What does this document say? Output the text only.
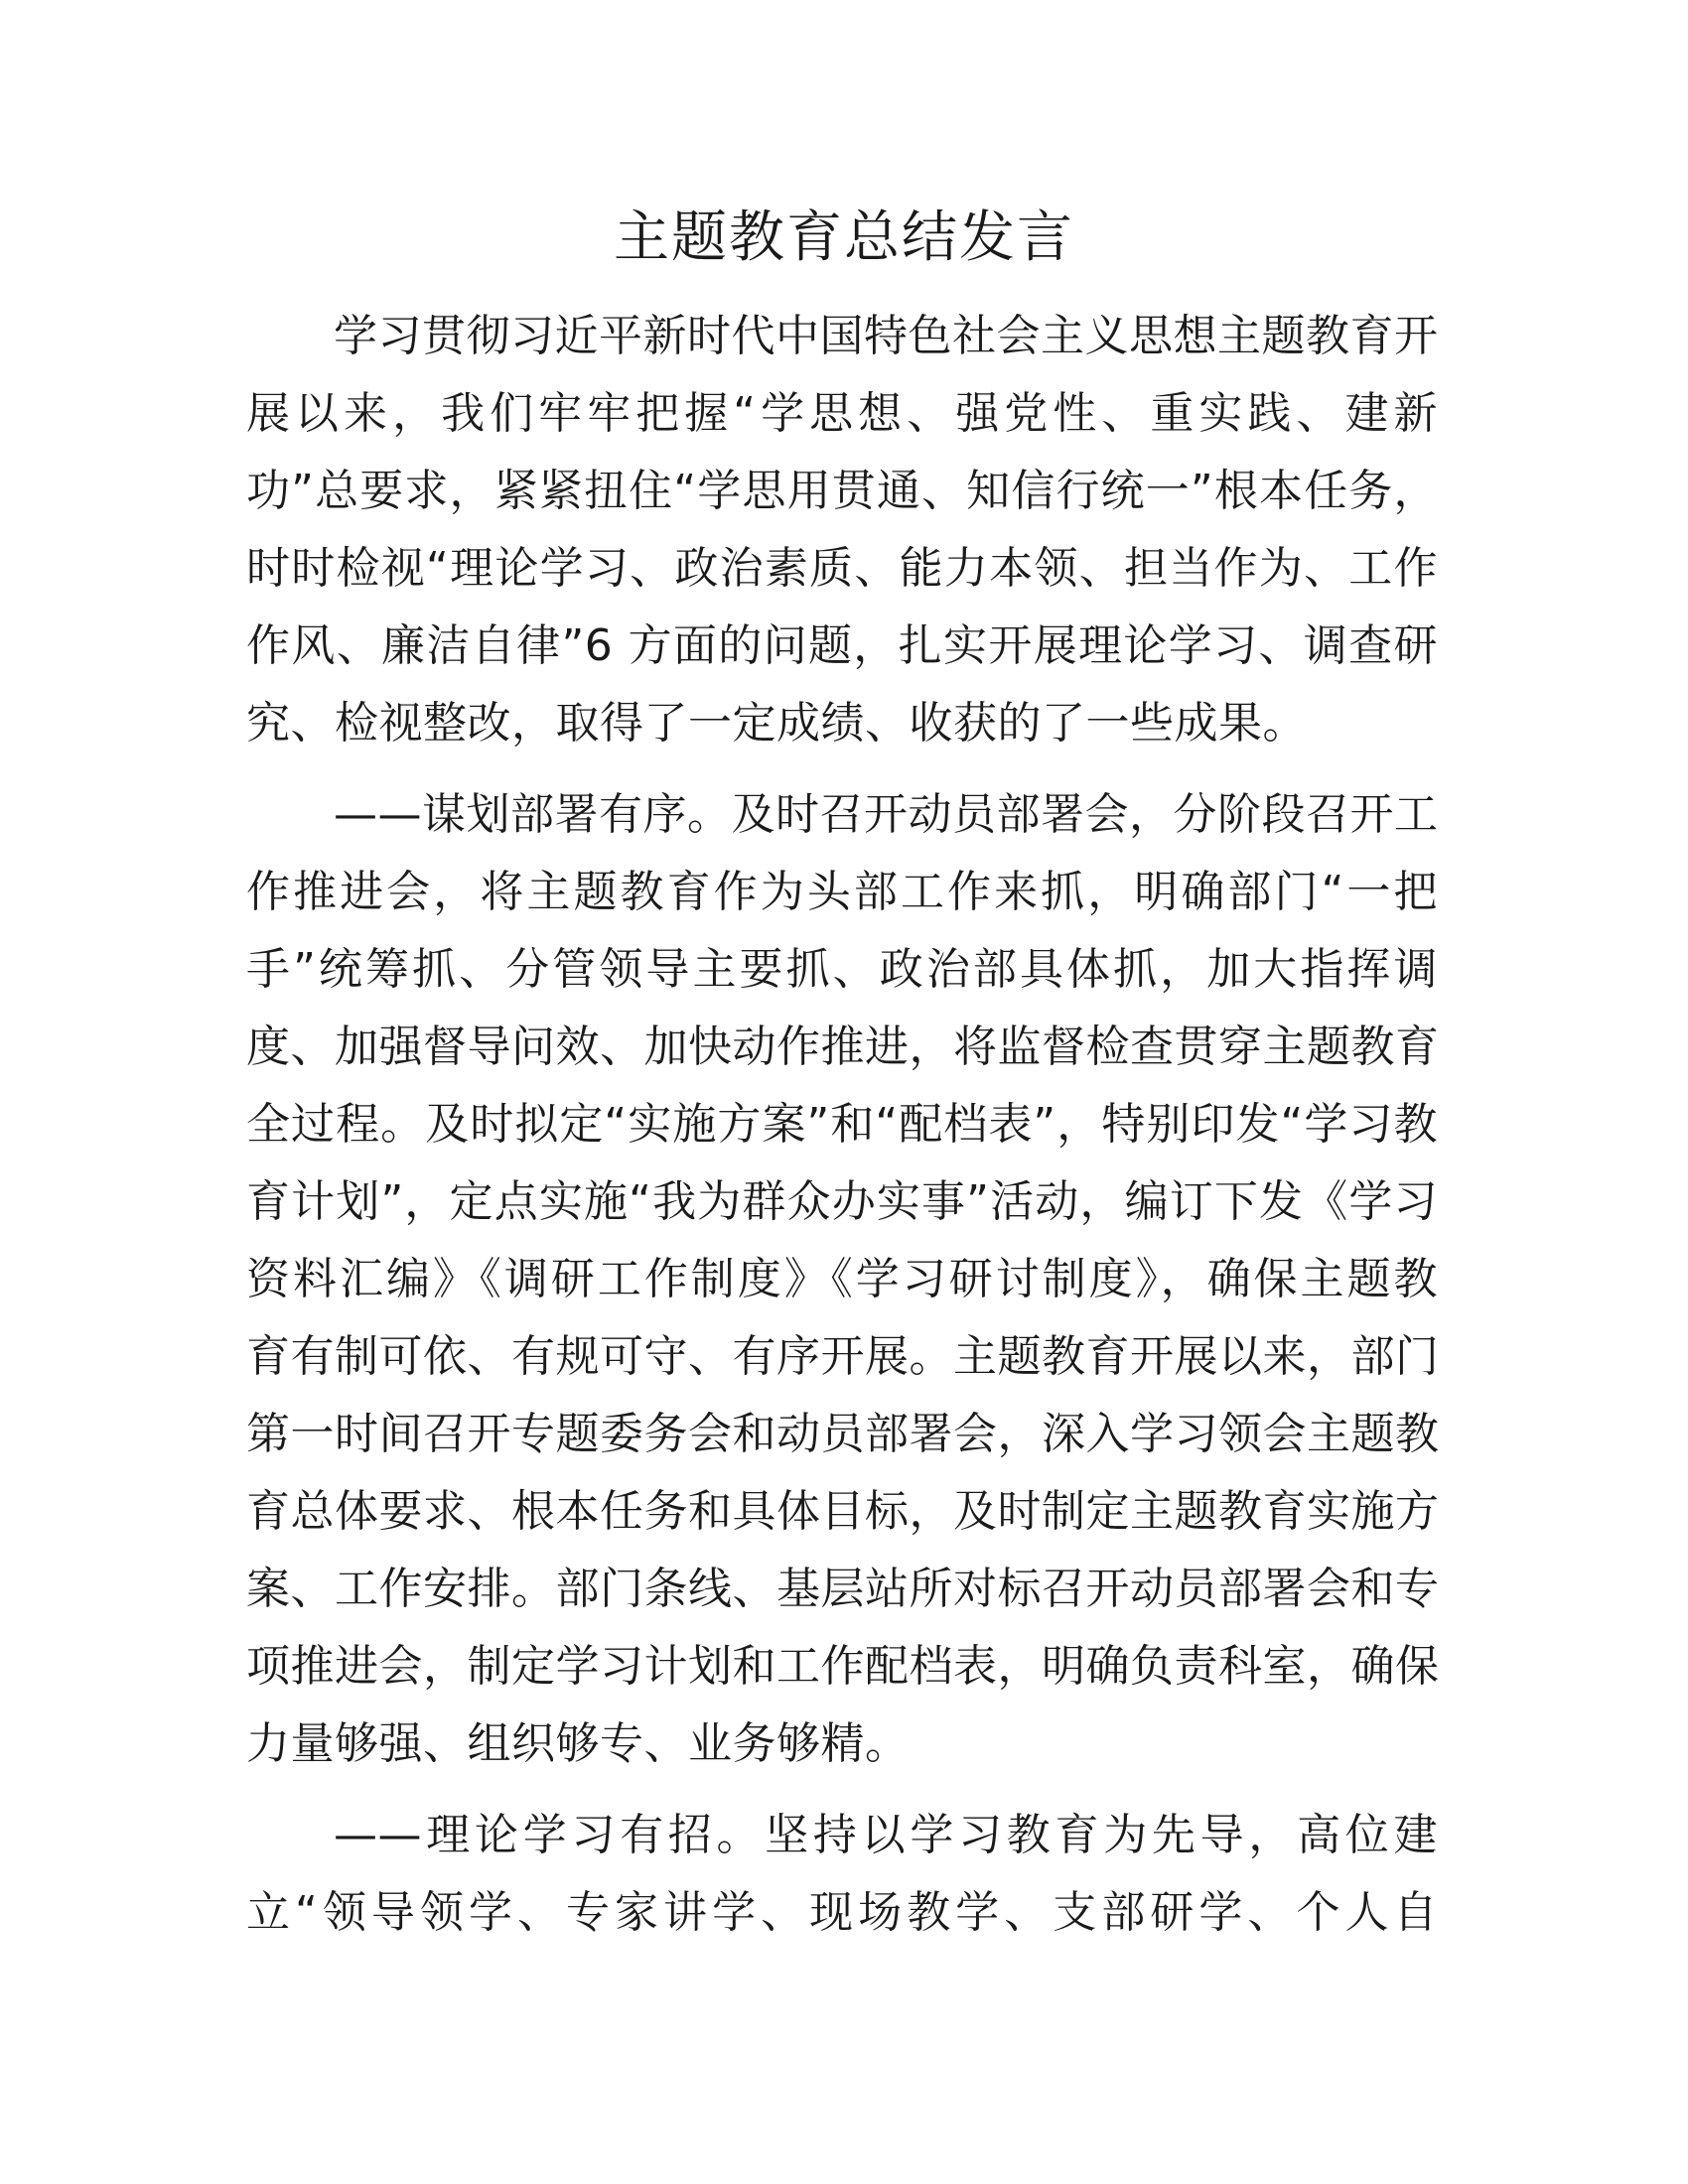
主题教育总结发言
学习贯彻习近平新时代中国特色社会主义思想主题教育开
展以来，我们牢牢把握“学思想、强党性、重实践、建新
功”总要求，紧紧扭住“学思用贯通、知信行统一”根本任务，
时时检视“理论学习、政治素质、能力本领、担当作为、工作
作风、廉洁自律”6 方面的问题，扎实开展理论学习、调查研
究、检视整改，取得了一定成绩、收获的了一些成果。
——谋划部署有序。及时召开动员部署会，分阶段召开工
作推进会，将主题教育作为头部工作来抓，明确部门“一把
手”统筹抓、分管领导主要抓、政治部具体抓，加大指挥调
度、加强督导问效、加快动作推进，将监督检查贯穿主题教育
全过程。及时拟定“实施方案”和“配档表”，特别印发“学习教
育计划”，定点实施“我为群众办实事”活动，编订下发《学习
资料汇编》《调研工作制度》《学习研讨制度》，确保主题教
育有制可依、有规可守、有序开展。主题教育开展以来，部门
第一时间召开专题委务会和动员部署会，深入学习领会主题教
育总体要求、根本任务和具体目标，及时制定主题教育实施方
案、工作安排。部门条线、基层站所对标召开动员部署会和专
项推进会，制定学习计划和工作配档表，明确负责科室，确保
力量够强、组织够专、业务够精。
——理论学习有招。坚持以学习教育为先导，高位建
立“领导领学、专家讲学、现场教学、支部研学、个人自
